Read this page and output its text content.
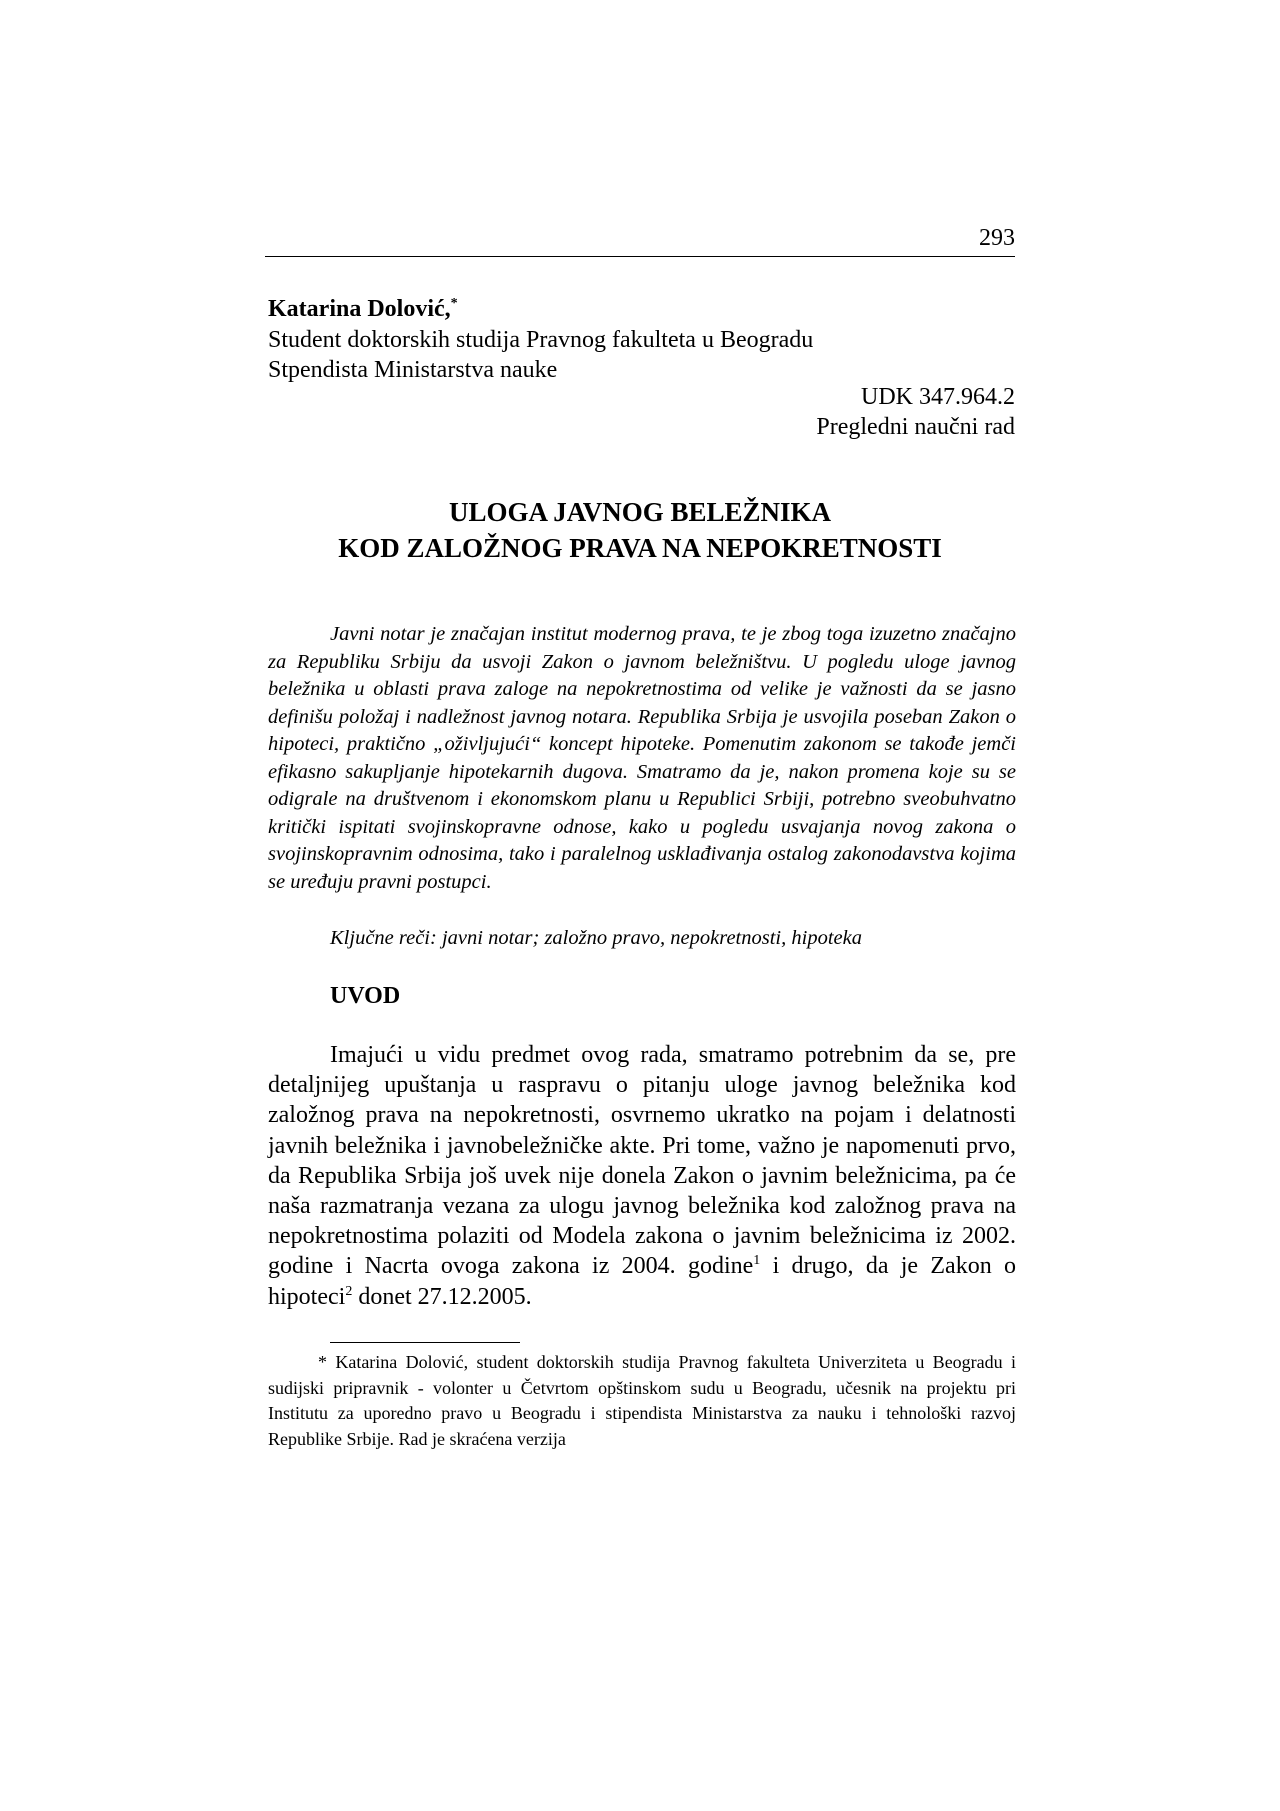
293
Katarina Dolović,*
Student doktorskih studija Pravnog fakulteta u Beogradu
Stpendista Ministarstva nauke
UDK 347.964.2
Pregledni naučni rad
ULOGA JAVNOG BELEŽNIKA
KOD ZALOŽNOG PRAVA NA NEPOKRETNOSTI

Javni notar je značajan institut modernog prava, te je zbog toga izuzetno značajno za Republiku Srbiju da usvoji Zakon o javnom beležništvu. U pogledu uloge javnog beležnika u oblasti prava zaloge na nepokretnostima od velike je važnosti da se jasno definišu položaj i nadležnost javnog notara. Republika Srbija je usvojila poseban Zakon o hipoteci, praktično „oživljujući“ koncept hipoteke. Pomenutim zakonom se takođe jemči efikasno sakupljanje hipotekarnih dugova. Smatramo da je, nakon promena koje su se odigrale na društvenom i ekonomskom planu u Republici Srbiji, potrebno sveobuhvatno kritički ispitati svojinskopravne odnose, kako u pogledu usvajanja novog zakona o svojinskopravnim odnosima, tako i paralelnog usklađivanja ostalog zakonodavstva kojima se uređuju pravni postupci.

Ključne reči: javni notar; založno pravo, nepokretnosti, hipoteka

UVOD

Imajući u vidu predmet ovog rada, smatramo potrebnim da se, pre detaljnijeg upuštanja u raspravu o pitanju uloge javnog beležnika kod založnog prava na nepokretnosti, osvrnemo ukratko na pojam i delatnosti javnih beležnika i javnobeležničke akte. Pri tome, važno je napomenuti prvo, da Republika Srbija još uvek nije donela Zakon o javnim beležnicima, pa će naša razmatranja vezana za ulogu javnog beležnika kod založnog prava na nepokretnostima polaziti od Modela zakona o javnim beležnicima iz 2002. godine i Nacrta ovoga zakona iz 2004. godine$^1$ i drugo, da je Zakon o hipoteci$^2$ donet 27.12.2005.

* Katarina Dolović, student doktorskih studija Pravnog fakulteta Univerziteta u Beogradu i sudijski pripravnik - volonter u Četvrtom opštinskom sudu u Beogradu, učesnik na projektu pri Institutu za uporedno pravo u Beogradu i stipendista Ministarstva za nauku i tehnološki razvoj Republike Srbije. Rad je skraćena verzija
